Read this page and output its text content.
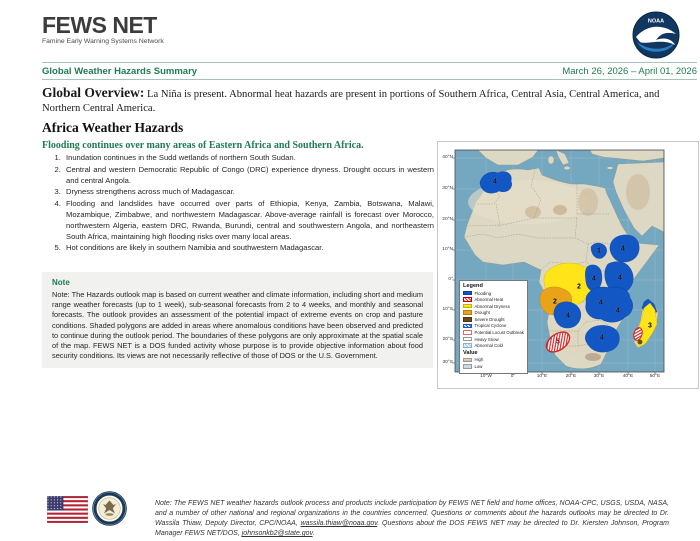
FEWS NET
Famine Early Warning Systems Network
NOAA
Global Weather Hazards Summary	March 26, 2026 – April 01, 2026
Global Overview: La Niña is present. Abnormal heat hazards are present in portions of Southern Africa, Central Asia, Central America, and Northern Central America.
Africa Weather Hazards
Flooding continues over many areas of Eastern Africa and Southern Africa.
1. Inundation continues in the Sudd wetlands of northern South Sudan.
2. Central and western Democratic Republic of Congo (DRC) experience dryness. Drought occurs in western and central Angola.
3. Dryness strengthens across much of Madagascar.
4. Flooding and landslides have occurred over parts of Ethiopia, Kenya, Zambia, Botswana, Malawi, Mozambique, Zimbabwe, and northwestern Madagascar. Above-average rainfall is forecast over Morocco, northwestern Algeria, eastern DRC, Rwanda, Burundi, central and southwestern Angola, and northeastern South Africa, maintaining high flooding risks over many local areas.
5. Hot conditions are likely in southern Namibia and southwestern Madagascar.
Note
Note: The Hazards outlook map is based on current weather and climate information, including short and medium range weather forecasts (up to 1 week), sub-seasonal forecasts from 2 to 4 weeks, and monthly and seasonal forecasts. The outlook provides an assessment of the potential impact of extreme events on crop and pasture conditions. Shaded polygons are added in areas where anomalous conditions have been observed and predicted to continue during the outlook period. The boundaries of these polygons are only approximate at the spatial scale of the map. FEWS NET is a DOS funded activity whose purpose is to provide objective information about food security conditions. Its views are not necessarily reflective of those of DOS or the U.S. Government.
40°N
30°N
20°N
10°N
0°
10°S
20°S
30°S
10°W	0°	10°E	20°E	30°E	40°E	50°E
4
1	4
4	4
2
2
4
4
4
4
5
3
Legend
Flooding
Abnormal Heat
Abnormal Dryness
Drought
Severe Drought
Tropical Cyclone
Potential Locust Outbreak
Heavy Snow
Abnormal Cold
Value
High
Low

Note: The FEWS NET weather hazards outlook process and products include participation by FEWS NET field and home offices, NOAA-CPC, USGS, USDA, NASA, and a number of other national and regional organizations in the countries concerned. Questions or comments about the hazards outlooks may be directed to Dr. Wassila Thiaw, Deputy Director, CPC/NOAA, wassila.thiaw@noaa.gov. Questions about the DOS FEWS NET may be directed to Dr. Kiersten Johnson, Program Manager FEWS NET/DOS, johnsonkb2@state.gov.
